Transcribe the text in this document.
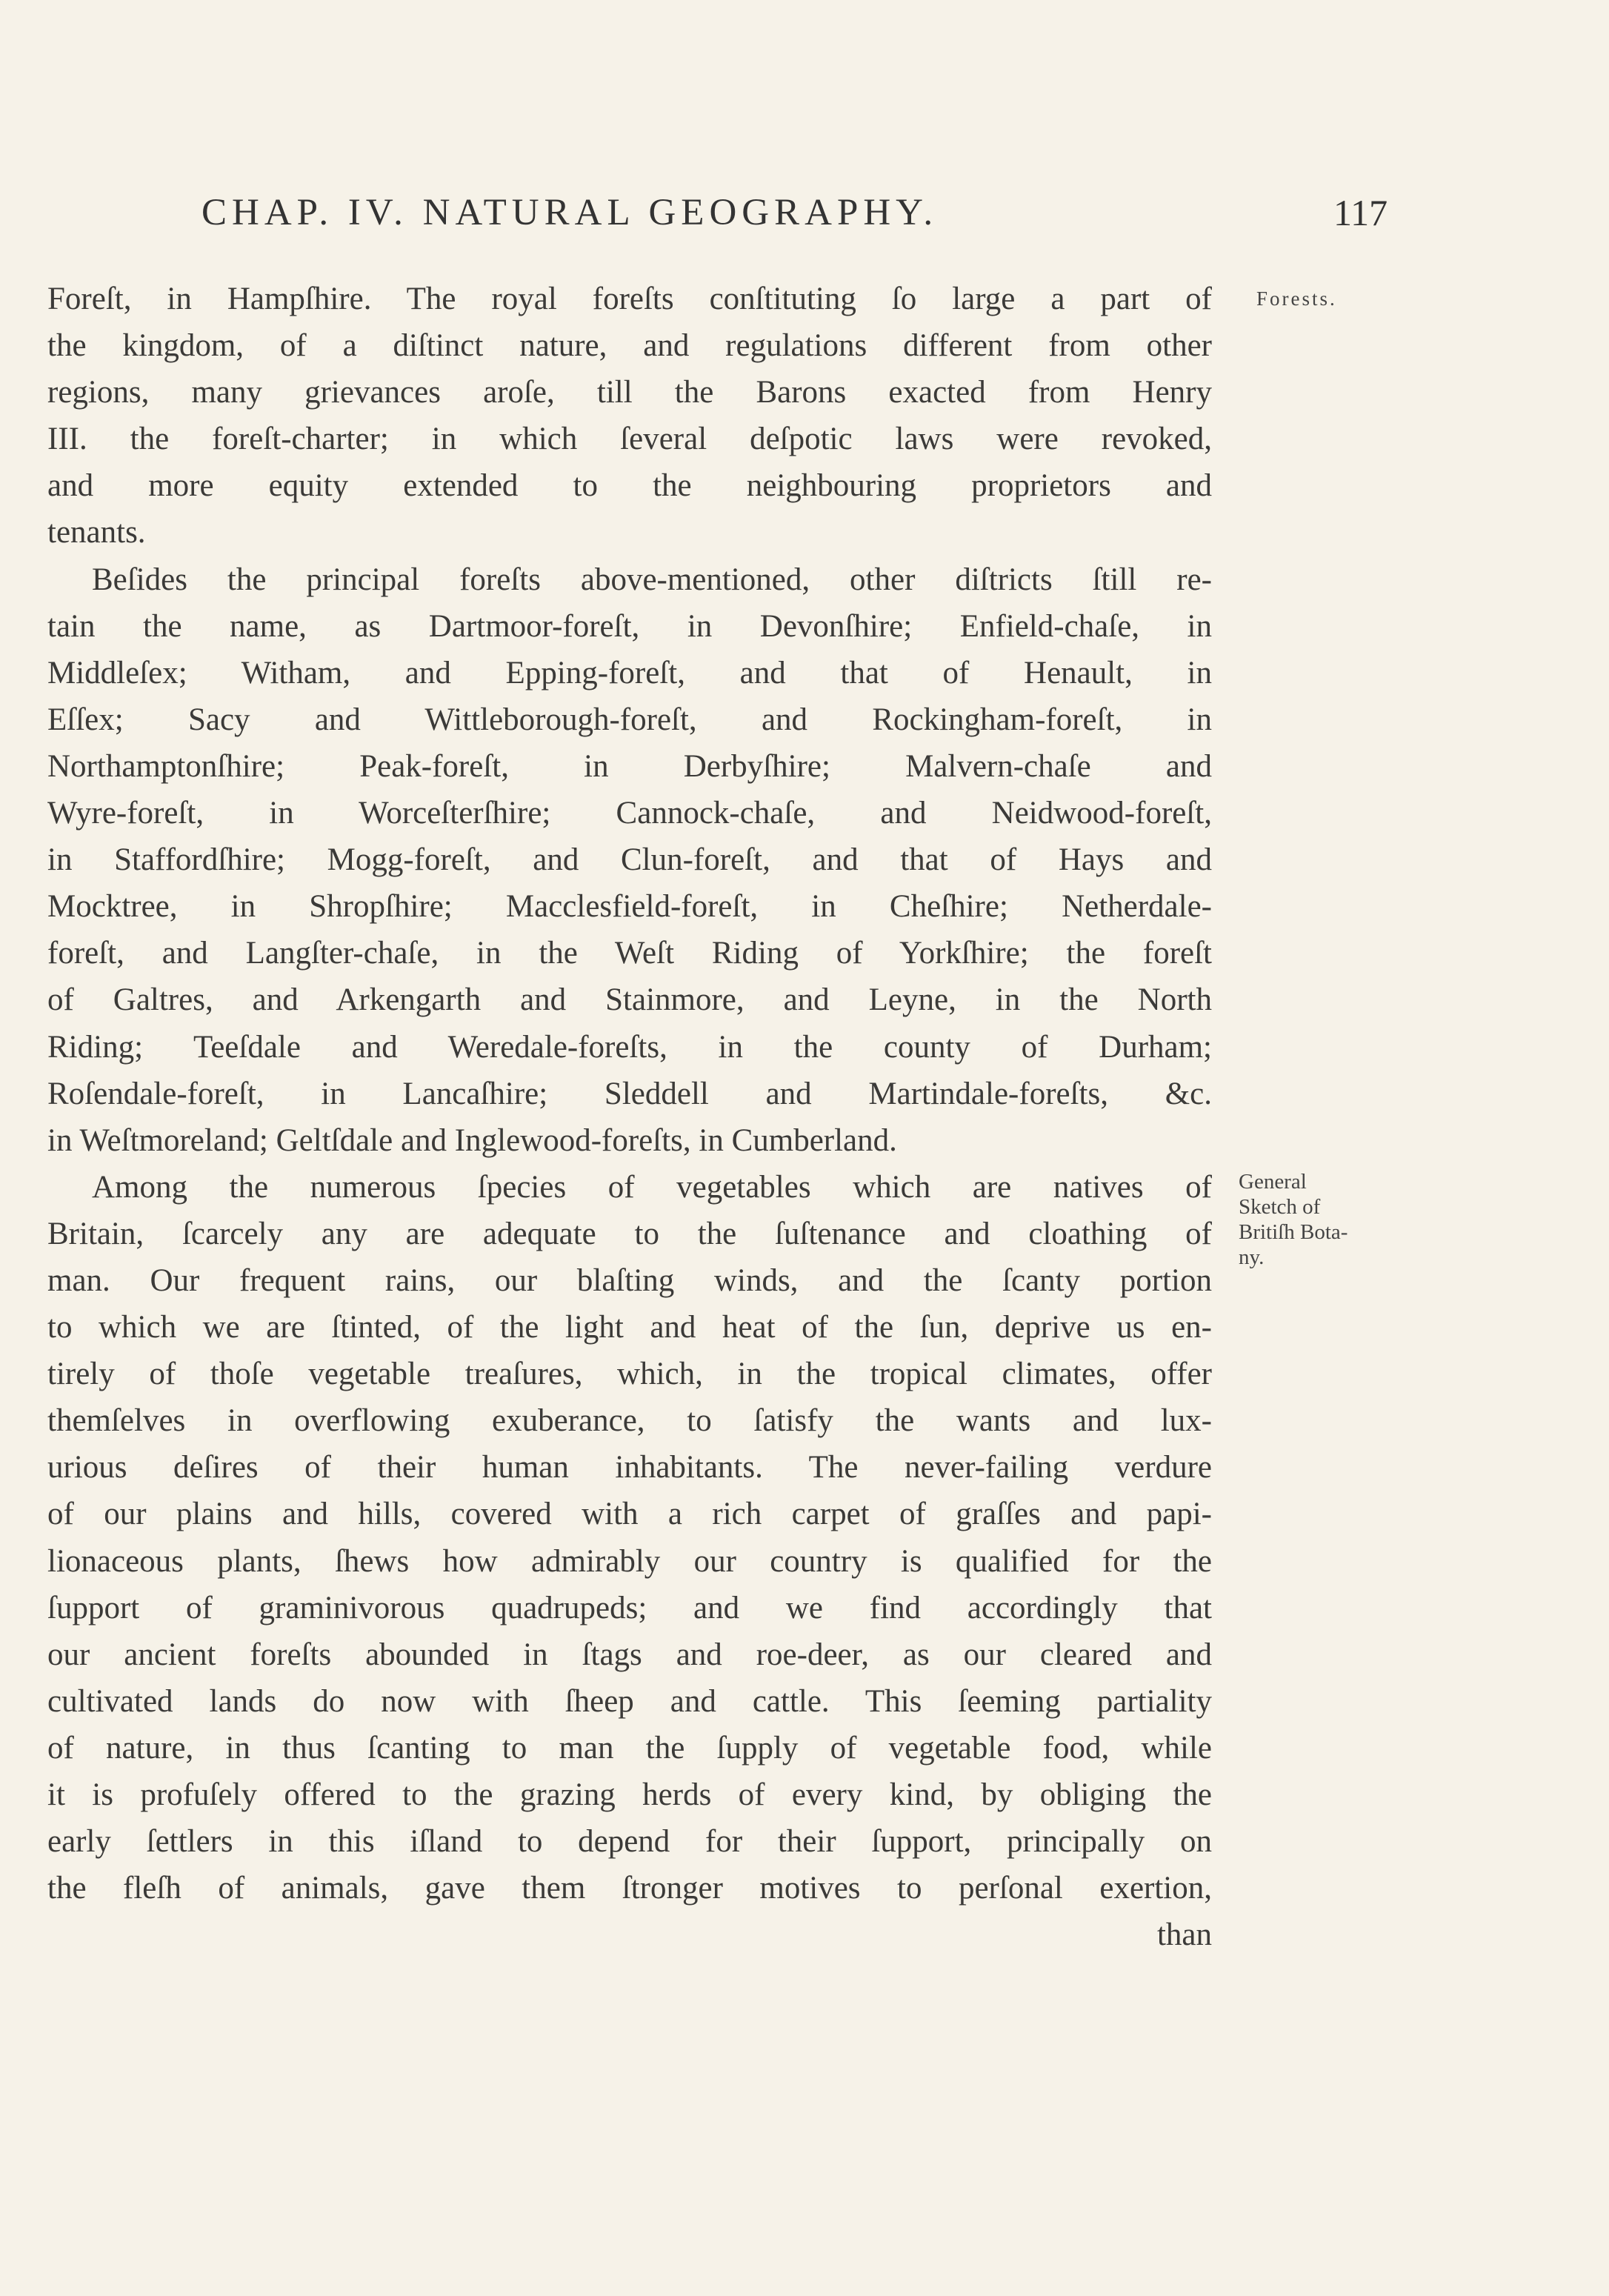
CHAP. IV. NATURAL GEOGRAPHY.	117
Forests.
General
Sketch of
Britiſh Bota-
ny.
Foreſt, in Hampſhire. The royal foreſts conſtituting ſo large a part of
the kingdom, of a diſtinct nature, and regulations different from other
regions, many grievances aroſe, till the Barons exacted from Henry
III. the foreſt-charter; in which ſeveral deſpotic laws were revoked,
and more equity extended to the neighbouring proprietors and
tenants.
Beſides the principal foreſts above-mentioned, other diſtricts ſtill re-
tain the name, as Dartmoor-foreſt, in Devonſhire; Enfield-chaſe, in
Middleſex; Witham, and Epping-foreſt, and that of Henault, in
Eſſex; Sacy and Wittleborough-foreſt, and Rockingham-foreſt, in
Northamptonſhire; Peak-foreſt, in Derbyſhire; Malvern-chaſe and
Wyre-foreſt, in Worceſterſhire; Cannock-chaſe, and Neidwood-foreſt,
in Staffordſhire; Mogg-foreſt, and Clun-foreſt, and that of Hays and
Mocktree, in Shropſhire; Macclesfield-foreſt, in Cheſhire; Netherdale-
foreſt, and Langſter-chaſe, in the Weſt Riding of Yorkſhire; the foreſt
of Galtres, and Arkengarth and Stainmore, and Leyne, in the North
Riding; Teeſdale and Weredale-foreſts, in the county of Durham;
Roſendale-foreſt, in Lancaſhire; Sleddell and Martindale-foreſts, &c.
in Weſtmoreland; Geltſdale and Inglewood-foreſts, in Cumberland.
Among the numerous ſpecies of vegetables which are natives of
Britain, ſcarcely any are adequate to the ſuſtenance and cloathing of
man. Our frequent rains, our blaſting winds, and the ſcanty portion
to which we are ſtinted, of the light and heat of the ſun, deprive us en-
tirely of thoſe vegetable treaſures, which, in the tropical climates, offer
themſelves in overflowing exuberance, to ſatisfy the wants and lux-
urious deſires of their human inhabitants. The never-failing verdure
of our plains and hills, covered with a rich carpet of graſſes and papi-
lionaceous plants, ſhews how admirably our country is qualified for the
ſupport of graminivorous quadrupeds; and we find accordingly that
our ancient foreſts abounded in ſtags and roe-deer, as our cleared and
cultivated lands do now with ſheep and cattle. This ſeeming partiality
of nature, in thus ſcanting to man the ſupply of vegetable food, while
it is profuſely offered to the grazing herds of every kind, by obliging the
early ſettlers in this iſland to depend for their ſupport, principally on
the fleſh of animals, gave them ſtronger motives to perſonal exertion,
than
